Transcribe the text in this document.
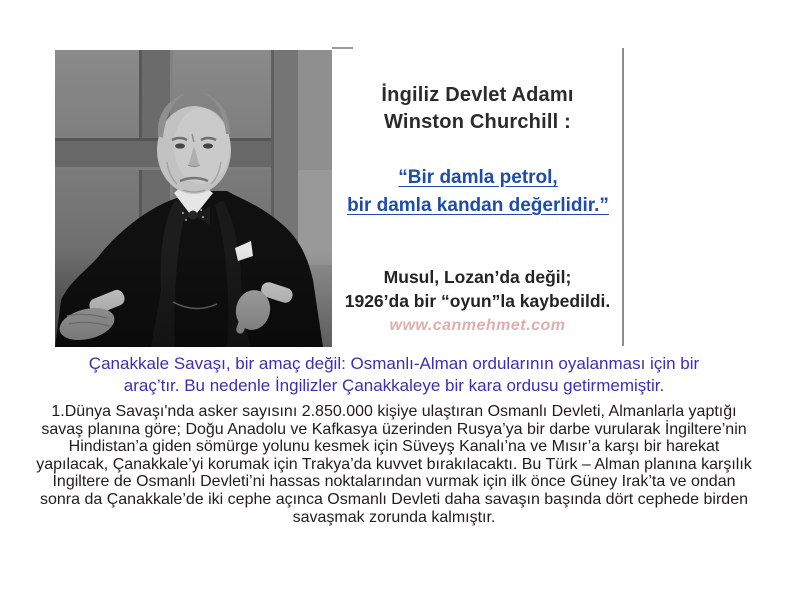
İngiliz Devlet Adamı
Winston Churchill :
“Bir damla petrol,
bir damla kandan değerlidir.”
Musul, Lozan’da değil;
1926’da bir “oyun”la kaybedildi.
www.canmehmet.com
Çanakkale Savaşı, bir amaç değil: Osmanlı-Alman ordularının oyalanması için bir
araç’tır. Bu nedenle İngilizler Çanakkaleye bir kara ordusu getirmemiştir.
1.Dünya Savaşı'nda asker sayısını 2.850.000 kişiye ulaştıran Osmanlı Devleti, Almanlarla yaptığı
savaş planına göre; Doğu Anadolu ve Kafkasya üzerinden Rusya’ya bir darbe vurularak İngiltere’nin
Hindistan’a giden sömürge yolunu kesmek için Süveyş Kanalı’na ve Mısır’a karşı bir harekat
yapılacak, Çanakkale’yi korumak için Trakya’da kuvvet bırakılacaktı. Bu Türk – Alman planına karşılık
İngiltere de Osmanlı Devleti’ni hassas noktalarından vurmak için ilk önce Güney Irak’ta ve ondan
sonra da Çanakkale’de iki cephe açınca Osmanlı Devleti daha savaşın başında dört cephede birden
savaşmak zorunda kalmıştır.
